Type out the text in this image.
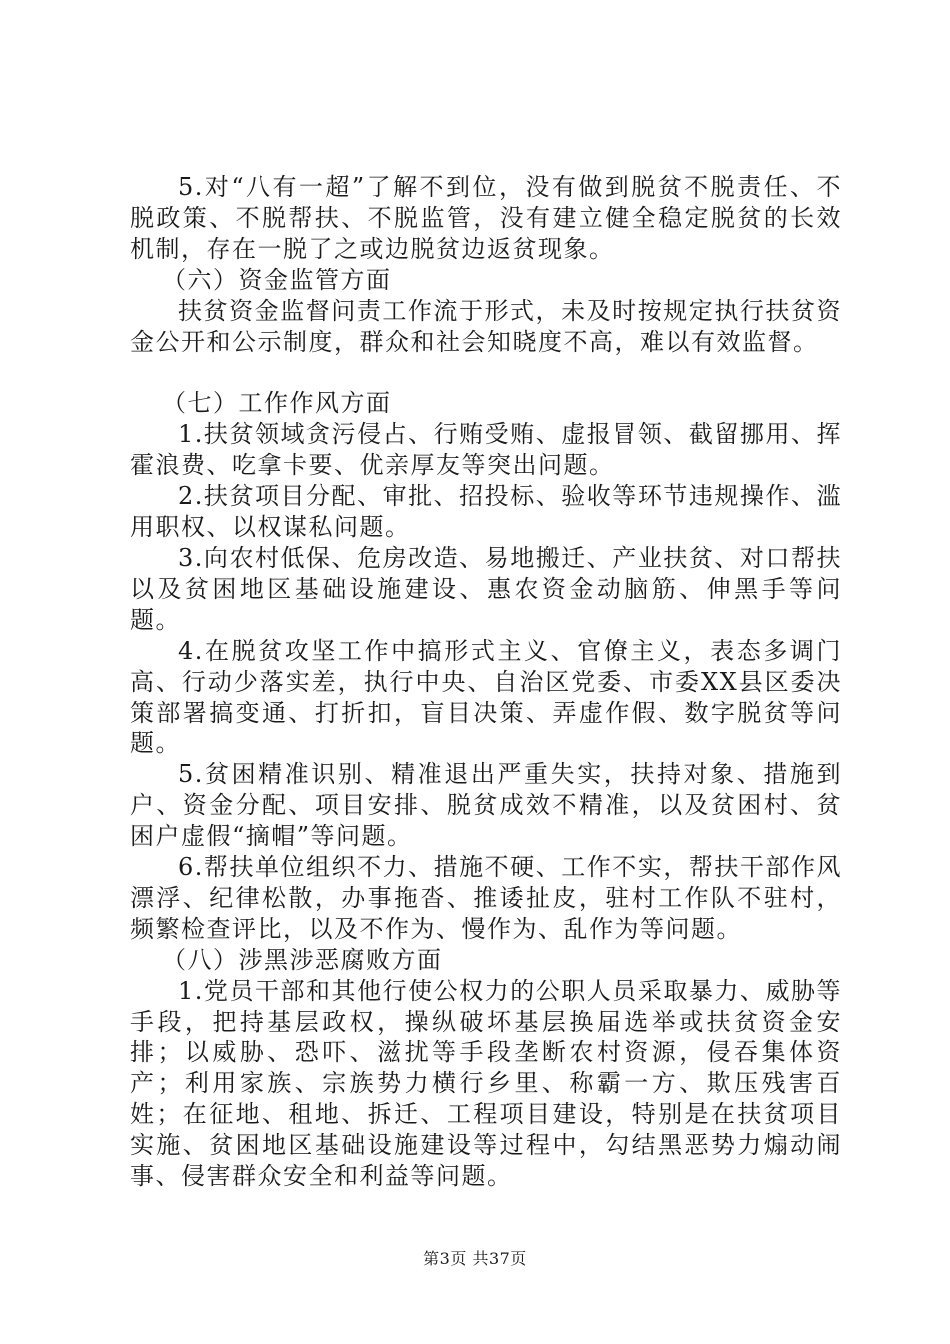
5.对“八有一超”了解不到位，没有做到脱贫不脱责任、不脱政策、不脱帮扶、不脱监管，没有建立健全稳定脱贫的长效机制，存在一脱了之或边脱贫边返贫现象。

（六）资金监管方面

扶贫资金监督问责工作流于形式，未及时按规定执行扶贫资金公开和公示制度，群众和社会知晓度不高，难以有效监督。

（七）工作作风方面

1.扶贫领域贪污侵占、行贿受贿、虚报冒领、截留挪用、挥霍浪费、吃拿卡要、优亲厚友等突出问题。

2.扶贫项目分配、审批、招投标、验收等环节违规操作、滥用职权、以权谋私问题。

3.向农村低保、危房改造、易地搬迁、产业扶贫、对口帮扶以及贫困地区基础设施建设、惠农资金动脑筋、伸黑手等问题。

4.在脱贫攻坚工作中搞形式主义、官僚主义，表态多调门高、行动少落实差，执行中央、自治区党委、市委XX县区委决策部署搞变通、打折扣，盲目决策、弄虚作假、数字脱贫等问题。

5.贫困精准识别、精准退出严重失实，扶持对象、措施到户、资金分配、项目安排、脱贫成效不精准，以及贫困村、贫困户虚假“摘帽”等问题。

6.帮扶单位组织不力、措施不硬、工作不实，帮扶干部作风漂浮、纪律松散，办事拖沓、推诿扯皮，驻村工作队不驻村，频繁检查评比，以及不作为、慢作为、乱作为等问题。

（八）涉黑涉恶腐败方面

1.党员干部和其他行使公权力的公职人员采取暴力、威胁等手段，把持基层政权，操纵破坏基层换届选举或扶贫资金安排；以威胁、恐吓、滋扰等手段垄断农村资源，侵吞集体资产；利用家族、宗族势力横行乡里、称霸一方、欺压残害百姓；在征地、租地、拆迁、工程项目建设，特别是在扶贫项目实施、贫困地区基础设施建设等过程中，勾结黑恶势力煽动闹事、侵害群众安全和利益等问题。

第3页 共37页
